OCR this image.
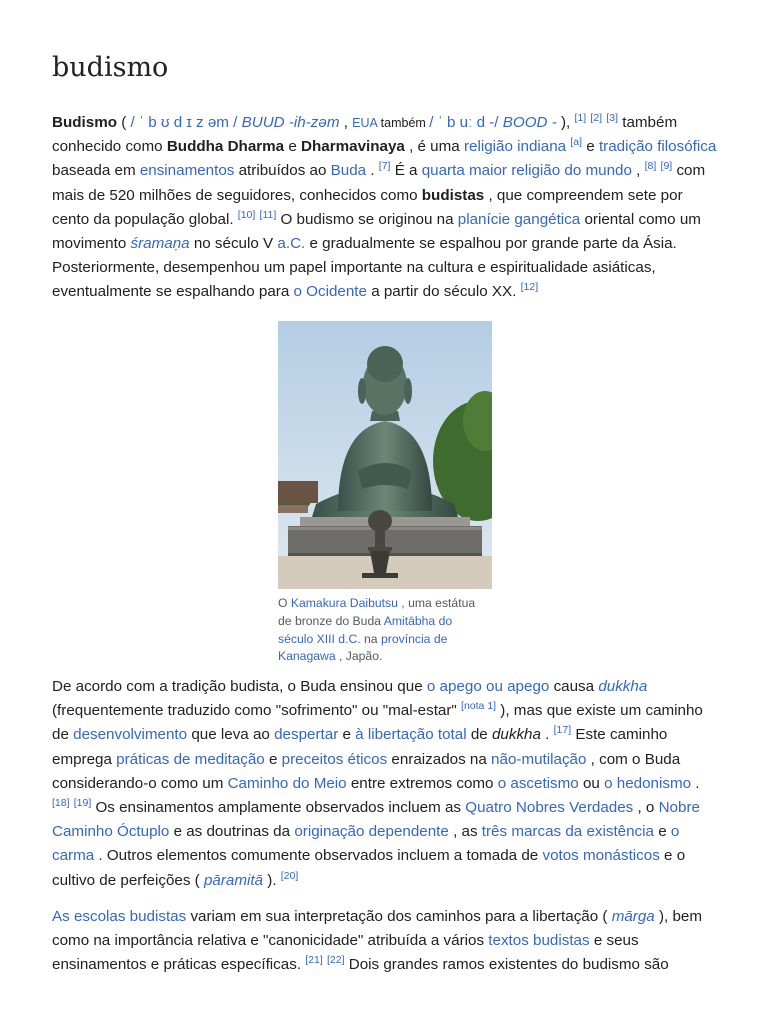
budismo

Budismo ( / ˈ b ʊ d ɪ z əm / BUUD -ih-zəm , EUA também / ˈ b uː d -/ BOOD - ), [1] [2] [3] também conhecido como Buddha Dharma e Dharmavinaya , é uma religião indiana [a] e tradição filosófica baseada em ensinamentos atribuídos ao Buda . [7] É a quarta maior religião do mundo , [8] [9] com mais de 520 milhões de seguidores, conhecidos como budistas , que compreendem sete por cento da população global. [10] [11] O budismo se originou na planície gangética oriental como um movimento śramaṇa no século V a.C. e gradualmente se espalhou por grande parte da Ásia. Posteriormente, desempenhou um papel importante na cultura e espiritualidade asiáticas, eventualmente se espalhando para o Ocidente a partir do século XX. [12]

O Kamakura Daibutsu , uma estátua de bronze do Buda Amitābha do século XIII d.C. na província de Kanagawa , Japão.

De acordo com a tradição budista, o Buda ensinou que o apego ou apego causa dukkha (frequentemente traduzido como "sofrimento" ou "mal-estar" [nota 1] ), mas que existe um caminho de desenvolvimento que leva ao despertar e à libertação total de dukkha . [17] Este caminho emprega práticas de meditação e preceitos éticos enraizados na não-mutilação , com o Buda considerando-o como um Caminho do Meio entre extremos como o ascetismo ou o hedonismo . [18] [19] Os ensinamentos amplamente observados incluem as Quatro Nobres Verdades , o Nobre Caminho Óctuplo e as doutrinas da originação dependente , as três marcas da existência e o carma . Outros elementos comumente observados incluem a tomada de votos monásticos e o cultivo de perfeições ( pāramitā ). [20]

As escolas budistas variam em sua interpretação dos caminhos para a libertação ( mārga ), bem como na importância relativa e "canonicidade" atribuída a vários textos budistas e seus ensinamentos e práticas específicas. [21] [22] Dois grandes ramos existentes do budismo são
